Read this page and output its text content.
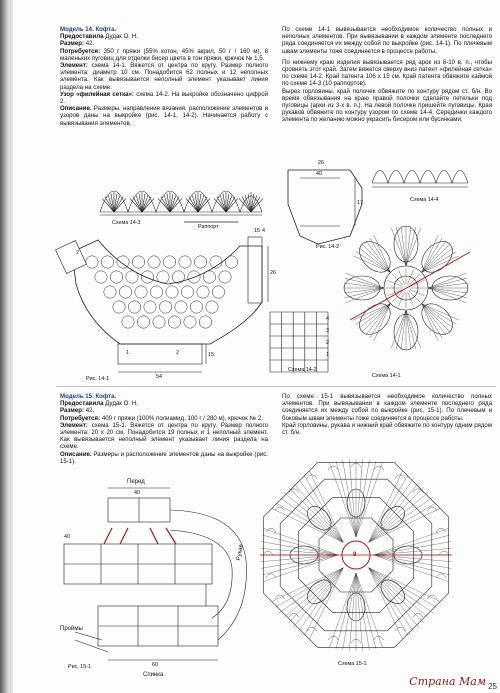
Модель 14. Кофта.

Предоставила Дудак О. Н.

Размер: 42.

Потребуется: 350 г пряжи (55% котон, 45% акрил, 50 г / 160 м), 8 маленьких пуговиц для отделки бисер цвета в тон пряжи, крючок № 1,5.

Элемент: схема 14-1. Вяжется от центра по кругу. Размер полного элемента: диаметр 10 см. Понадобится 62 полных и 12 неполных элемента. Как вывязывается неполный элемент указывает линия раздела на схеме.

Узор «филейная сетка»: схема 14-2. На выкройке обозначено цифрой 2.

Описание. Размеры, направление вязания, расположение элементов и узоров даны на выкройке (рис. 14-1, 14-2). Начинается работу с вывязывания элементов.

По схеме 14-1 вывязывается необходимое количество полных и неполных элементов. При вывязывании в каждом элементе последнего ряда соединяется их между собой по выкройке (рис. 14-1). По плечевым швам элементы тоже соединяется в процессе работы.

По нижнему краю изделия вывязывается ряд арок из 8-10 в. п., чтобы сровнять этот край. Затем вяжется сверху вниз патент «филейная сетка» по схеме 14-2. Край патента 106 x 15 см. Край патента обвяжите каймой по схеме 14-3 (10 раппортов).

Вырез горловины, край полочек обвяжите по контуру рядом ст. б/н. Во время обвязывания на краю правой полочки сделайте петельки под пуговицы (арки из 3-х в. п.). На левой полочке пришейте пуговицы. Края рукавов обвяжите по контуру узором по схеме 14-4. Серединки каждого элемента по желанию можно украсить бисером или бусинками.

Схема 14-3
Раппорт
Рис. 14-1
15 4
26
54
15
2
2
1
Рис. 14-2
26
40
17	Схема 14-4
Схема 14-2
Схема 14-1
4
3
2
1

Модель 15. Кофта.

Предоставила Дудак О. Н.

Размер: 42.

Потребуется: 400 г пряжи (100% полиамид, 100 г / 280 м), крючок № 2.

Элемент: схема 15-1. Вяжется от центра по кругу. Размер полного элемента: 20 x 20 см. Понадобится 19 полных и 1 неполный элемент. Как вывязывается неполный элемент указывает линия раздела на схеме.

Описание. Размеры и расположение элементов даны на выкройке (рис. 15-1).

По схеме 15-1 вывязывается необходимое количество полных элементов. При вывязывании в каждом элементе последнего ряда соединяется их между собой по выкройке (рис. 15-1). По плечевым и боковым швам элементы тоже соединяется в процессе работы.

Край горловины, рукава и нижний край обвяжите по контуру одним рядом ст. б/н.

Перед
40
40
Рукав
Проймы
60
Спинка
Рис. 15-1	Схема 15-1
8
Страна Мам 25
